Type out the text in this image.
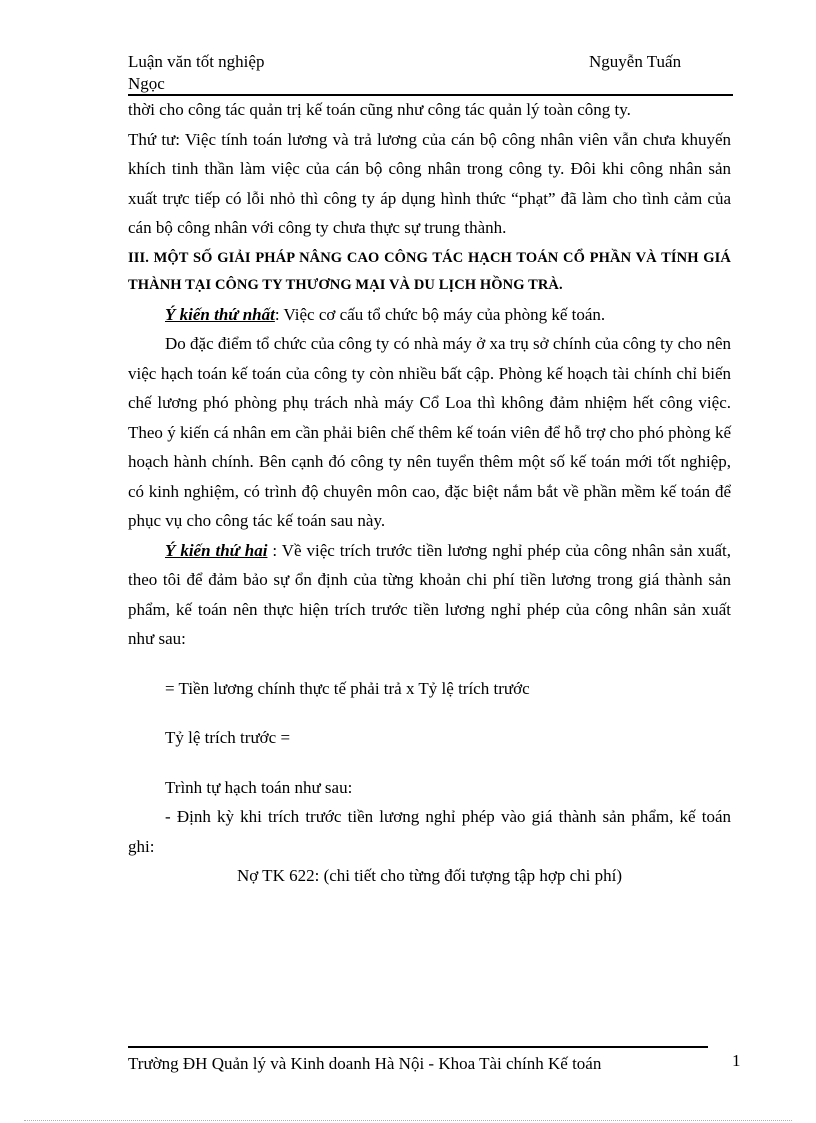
Luận văn tốt nghiệp
Ngọc
Nguyễn Tuấn

thời cho công tác quản trị kế toán cũng như công tác quản lý toàn công ty.

Thứ tư: Việc tính toán lương và trả lương của cán bộ công nhân viên vẫn chưa khuyến khích tinh thần làm việc của cán bộ công nhân trong công ty. Đôi khi công nhân sản xuất trực tiếp có lỗi nhỏ thì công ty áp dụng hình thức “phạt” đã làm cho tình cảm của cán bộ công nhân với công ty chưa thực sự trung thành.

III. MỘT SỐ GIẢI PHÁP NÂNG CAO CÔNG TÁC HẠCH TOÁN CỔ PHẦN VÀ TÍNH GIÁ THÀNH TẠI CÔNG TY THƯƠNG MẠI VÀ DU LỊCH HỒNG TRÀ.

Ý kiến thứ nhất: Việc cơ cấu tổ chức bộ máy của phòng kế toán.

Do đặc điểm tổ chức của công ty có nhà máy ở xa trụ sở chính của công ty cho nên việc hạch toán kế toán của công ty còn nhiều bất cập. Phòng kế hoạch tài chính chỉ biến chế lương phó phòng phụ trách nhà máy Cổ Loa thì không đảm nhiệm hết công việc. Theo ý kiến cá nhân em cần phải biên chế thêm kế toán viên để hỗ trợ cho phó phòng kế hoạch hành chính. Bên cạnh đó công ty nên tuyển thêm một số kế toán mới tốt nghiệp, có kinh nghiệm, có trình độ chuyên môn cao, đặc biệt nắm bắt về phần mềm kế toán để phục vụ cho công tác kế toán sau này.

Ý kiến thứ hai : Về việc trích trước tiền lương nghỉ phép của công nhân sản xuất, theo tôi để đảm bảo sự ổn định của từng khoản chi phí tiền lương trong giá thành sản phẩm, kế toán nên thực hiện trích trước tiền lương nghỉ phép của công nhân sản xuất như sau:

= Tiền lương chính thực tế phải trả x Tỷ lệ trích trước

Tỷ lệ trích trước =

Trình tự hạch toán như sau:

- Định kỳ khi trích trước tiền lương nghỉ phép vào giá thành sản phẩm, kế toán ghi:

Nợ TK 622: (chi tiết cho từng đối tượng tập hợp chi phí)

Trường ĐH Quản lý và Kinh doanh Hà Nội - Khoa Tài chính Kế toán	1
